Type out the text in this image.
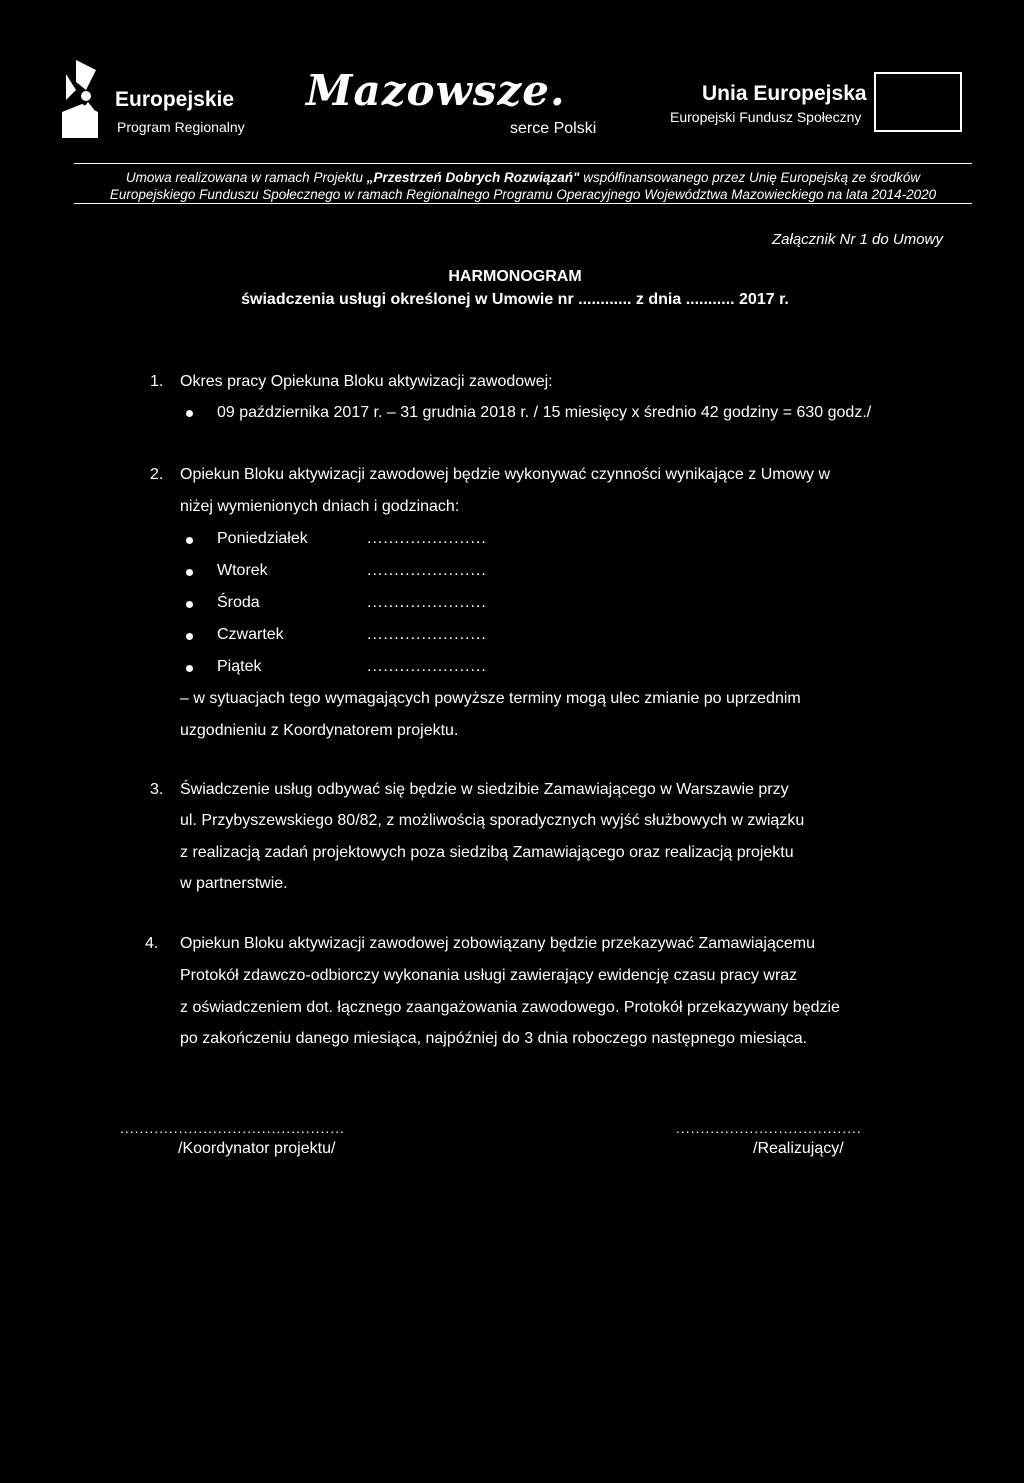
Europejskie
Program Regionalny
Mazowsze.
serce Polski
Unia Europejska
Europejski Fundusz Społeczny
Umowa realizowana w ramach Projektu „Przestrzeń Dobrych Rozwiązań" współfinansowanego przez Unię Europejską ze środków
Europejskiego Funduszu Społecznego w ramach Regionalnego Programu Operacyjnego Województwa Mazowieckiego na lata 2014-2020
Załącznik Nr 1 do Umowy
HARMONOGRAM
świadczenia usługi określonej w Umowie nr ............ z dnia ........... 2017 r.
1. Okres pracy Opiekuna Bloku aktywizacji zawodowej:
09 października 2017 r. – 31 grudnia 2018 r. / 15 miesięcy x średnio 42 godziny = 630 godz./
2. Opiekun Bloku aktywizacji zawodowej będzie wykonywać czynności wynikające z Umowy w
niżej wymienionych dniach i godzinach:
Poniedziałek	......................
Wtorek	......................
Środa	......................
Czwartek	......................
Piątek	......................
– w sytuacjach tego wymagających powyższe terminy mogą ulec zmianie po uprzednim
uzgodnieniu z Koordynatorem projektu.
3. Świadczenie usług odbywać się będzie w siedzibie Zamawiającego w Warszawie przy
ul. Przybyszewskiego 80/82, z możliwością sporadycznych wyjść służbowych w związku
z realizacją zadań projektowych poza siedzibą Zamawiającego oraz realizacją projektu
w partnerstwie.
4. Opiekun Bloku aktywizacji zawodowej zobowiązany będzie przekazywać Zamawiającemu
Protokół zdawczo-odbiorczy wykonania usługi zawierający ewidencję czasu pracy wraz
z oświadczeniem dot. łącznego zaangażowania zawodowego. Protokół przekazywany będzie
po zakończeniu danego miesiąca, najpóźniej do 3 dnia roboczego następnego miesiąca.
..............................................
/Koordynator projektu/
......................................
/Realizujący/
